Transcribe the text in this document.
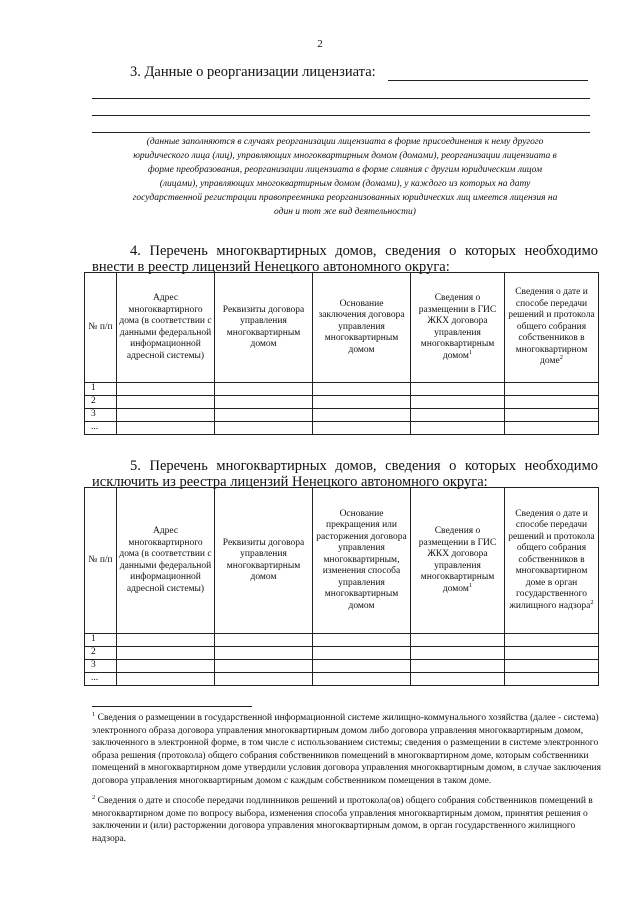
2
3. Данные о реорганизации лицензиата:
(данные заполняются в случаях реорганизации лицензиата в форме присоединения к нему другого юридического лица (лиц), управляющих многоквартирным домом (домами), реорганизации лицензиата в форме преобразования, реорганизации лицензиата в форме слияния с другим юридическим лицом (лицами), управляющих многоквартирным домом (домами), у каждого из которых на дату государственной регистрации правопреемника реорганизованных юридических лиц имеется лицензия на один и тот же вид деятельности)
4. Перечень многоквартирных домов, сведения о которых необходимо внести в реестр лицензий Ненецкого автономного округа:
№ п/п	Адрес многоквартирного дома (в соответствии с данными федеральной информационной адресной системы)	Реквизиты договора управления многоквартирным домом	Основание заключения договора управления многоквартирным домом	Сведения о размещении в ГИС ЖКХ договора управления многоквартирным домом$^1$	Сведения о дате и способе передачи решений и протокола общего собрания собственников в многоквартирном доме$^2$
1					
2					
3					
...					
5. Перечень многоквартирных домов, сведения о которых необходимо исключить из реестра лицензий Ненецкого автономного округа:
№ п/п	Адрес многоквартирного дома (в соответствии с данными федеральной информационной адресной системы)	Реквизиты договора управления многоквартирным домом	Основание прекращения или расторжения договора управления многоквартирным, изменения способа управления многоквартирным домом	Сведения о размещении в ГИС ЖКХ договора управления многоквартирным домом$^1$	Сведения о дате и способе передачи решений и протокола общего собрания собственников в многоквартирном доме в орган государственного жилищного надзора$^2$
1					
2					
3					
...					
$^1$ Сведения о размещении в государственной информационной системе жилищно-коммунального хозяйства (далее - система) электронного образа договора управления многоквартирным домом либо договора управления многоквартирным домом, заключенного в электронной форме, в том числе с использованием системы; сведения о размещении в системе электронного образа решения (протокола) общего собрания собственников помещений в многоквартирном доме, которым собственники помещений в многоквартирном доме утвердили условия договора управления многоквартирным домом, в случае заключения договора управления многоквартирным домом с каждым собственником помещения в таком доме.
$^2$ Сведения о дате и способе передачи подлинников решений и протокола(ов) общего собрания собственников помещений в многоквартирном доме по вопросу выбора, изменения способа управления многоквартирным домом, принятия решения о заключении и (или) расторжении договора управления многоквартирным домом, в орган государственного жилищного надзора.
